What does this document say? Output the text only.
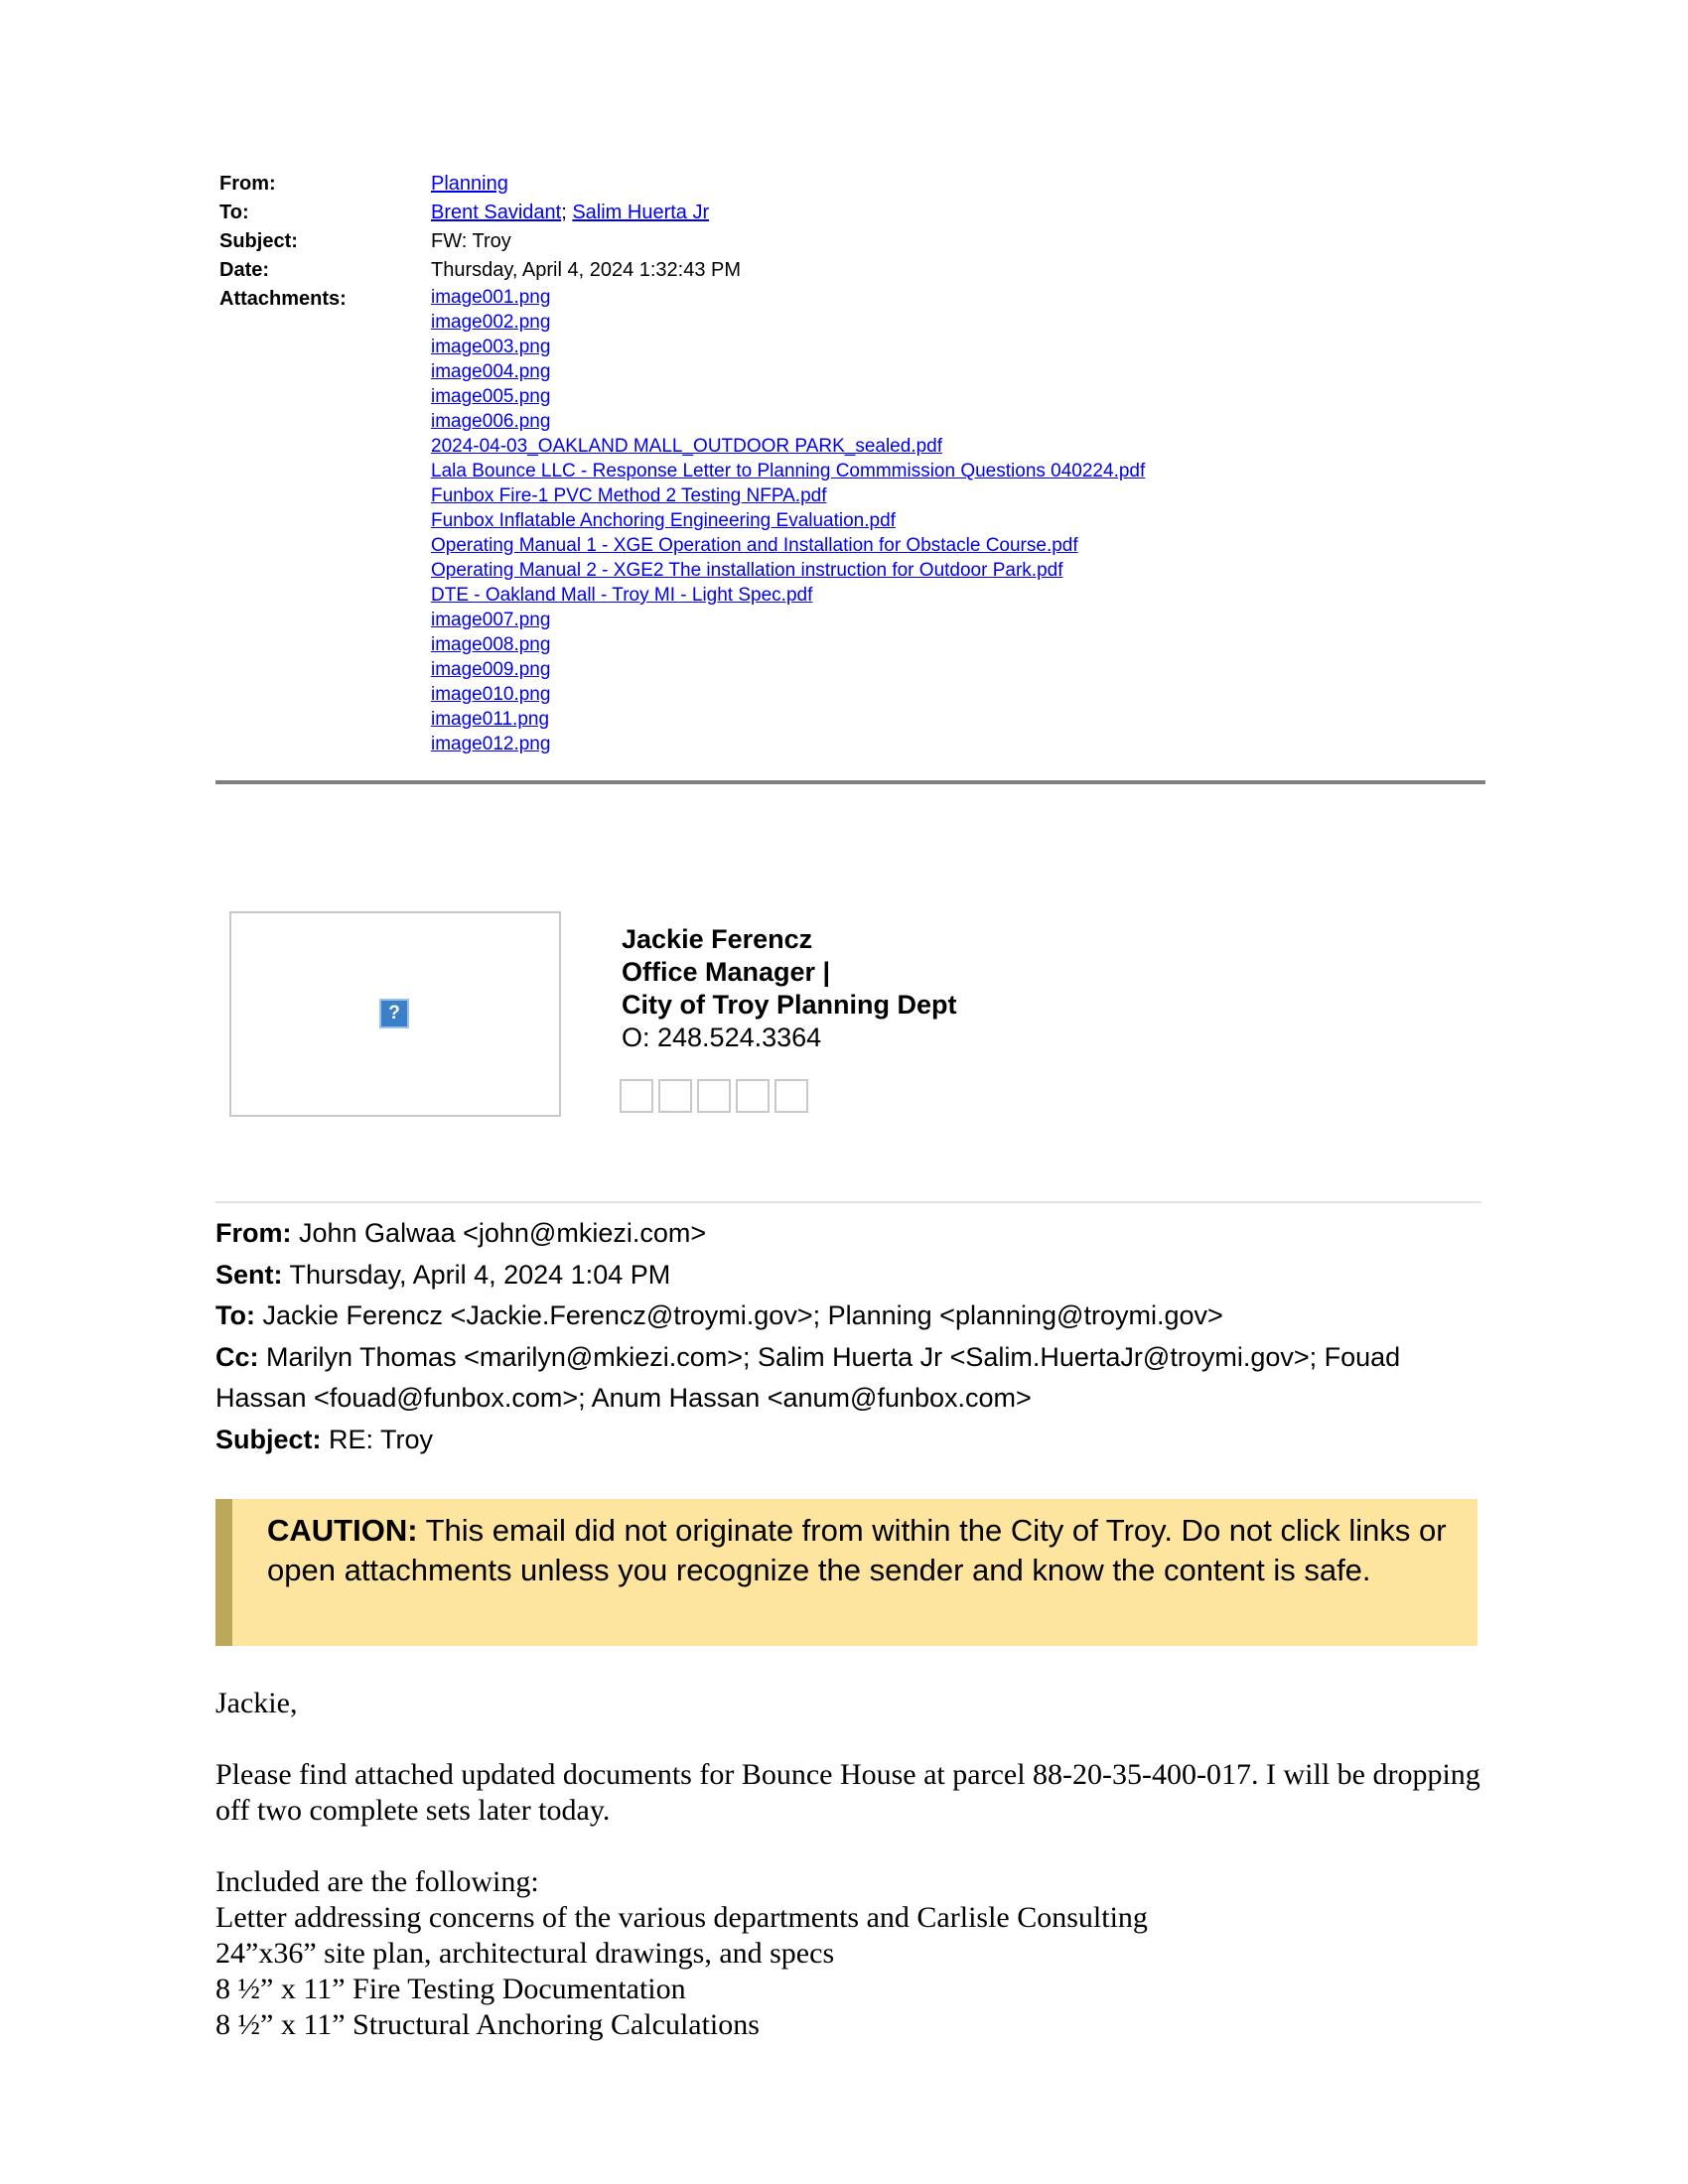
From:	Planning
To:	Brent Savidant; Salim Huerta Jr
Subject:	FW: Troy
Date:	Thursday, April 4, 2024 1:32:43 PM
Attachments:	image001.png
image002.png
image003.png
image004.png
image005.png
image006.png
2024-04-03_OAKLAND MALL_OUTDOOR PARK_sealed.pdf
Lala Bounce LLC - Response Letter to Planning Commmission Questions 040224.pdf
Funbox Fire-1 PVC Method 2 Testing NFPA.pdf
Funbox Inflatable Anchoring Engineering Evaluation.pdf
Operating Manual 1 - XGE Operation and Installation for Obstacle Course.pdf
Operating Manual 2 - XGE2 The installation instruction for Outdoor Park.pdf
DTE - Oakland Mall - Troy MI - Light Spec.pdf
image007.png
image008.png
image009.png
image010.png
image011.png
image012.png
?
Jackie Ferencz
Office Manager |
City of Troy Planning Dept
O: 248.524.3364
From: John Galwaa <john@mkiezi.com>
Sent: Thursday, April 4, 2024 1:04 PM
To: Jackie Ferencz <Jackie.Ferencz@troymi.gov>; Planning <planning@troymi.gov>
Cc: Marilyn Thomas <marilyn@mkiezi.com>; Salim Huerta Jr <Salim.HuertaJr@troymi.gov>; Fouad Hassan <fouad@funbox.com>; Anum Hassan <anum@funbox.com>
Subject: RE: Troy
CAUTION: This email did not originate from within the City of Troy. Do not click links or open attachments unless you recognize the sender and know the content is safe.

Jackie,

Please find attached updated documents for Bounce House at parcel 88-20-35-400-017. I will be dropping off two complete sets later today.

Included are the following:

Letter addressing concerns of the various departments and Carlisle Consulting

24”x36” site plan, architectural drawings, and specs

8 ½” x 11” Fire Testing Documentation

8 ½” x 11” Structural Anchoring Calculations
